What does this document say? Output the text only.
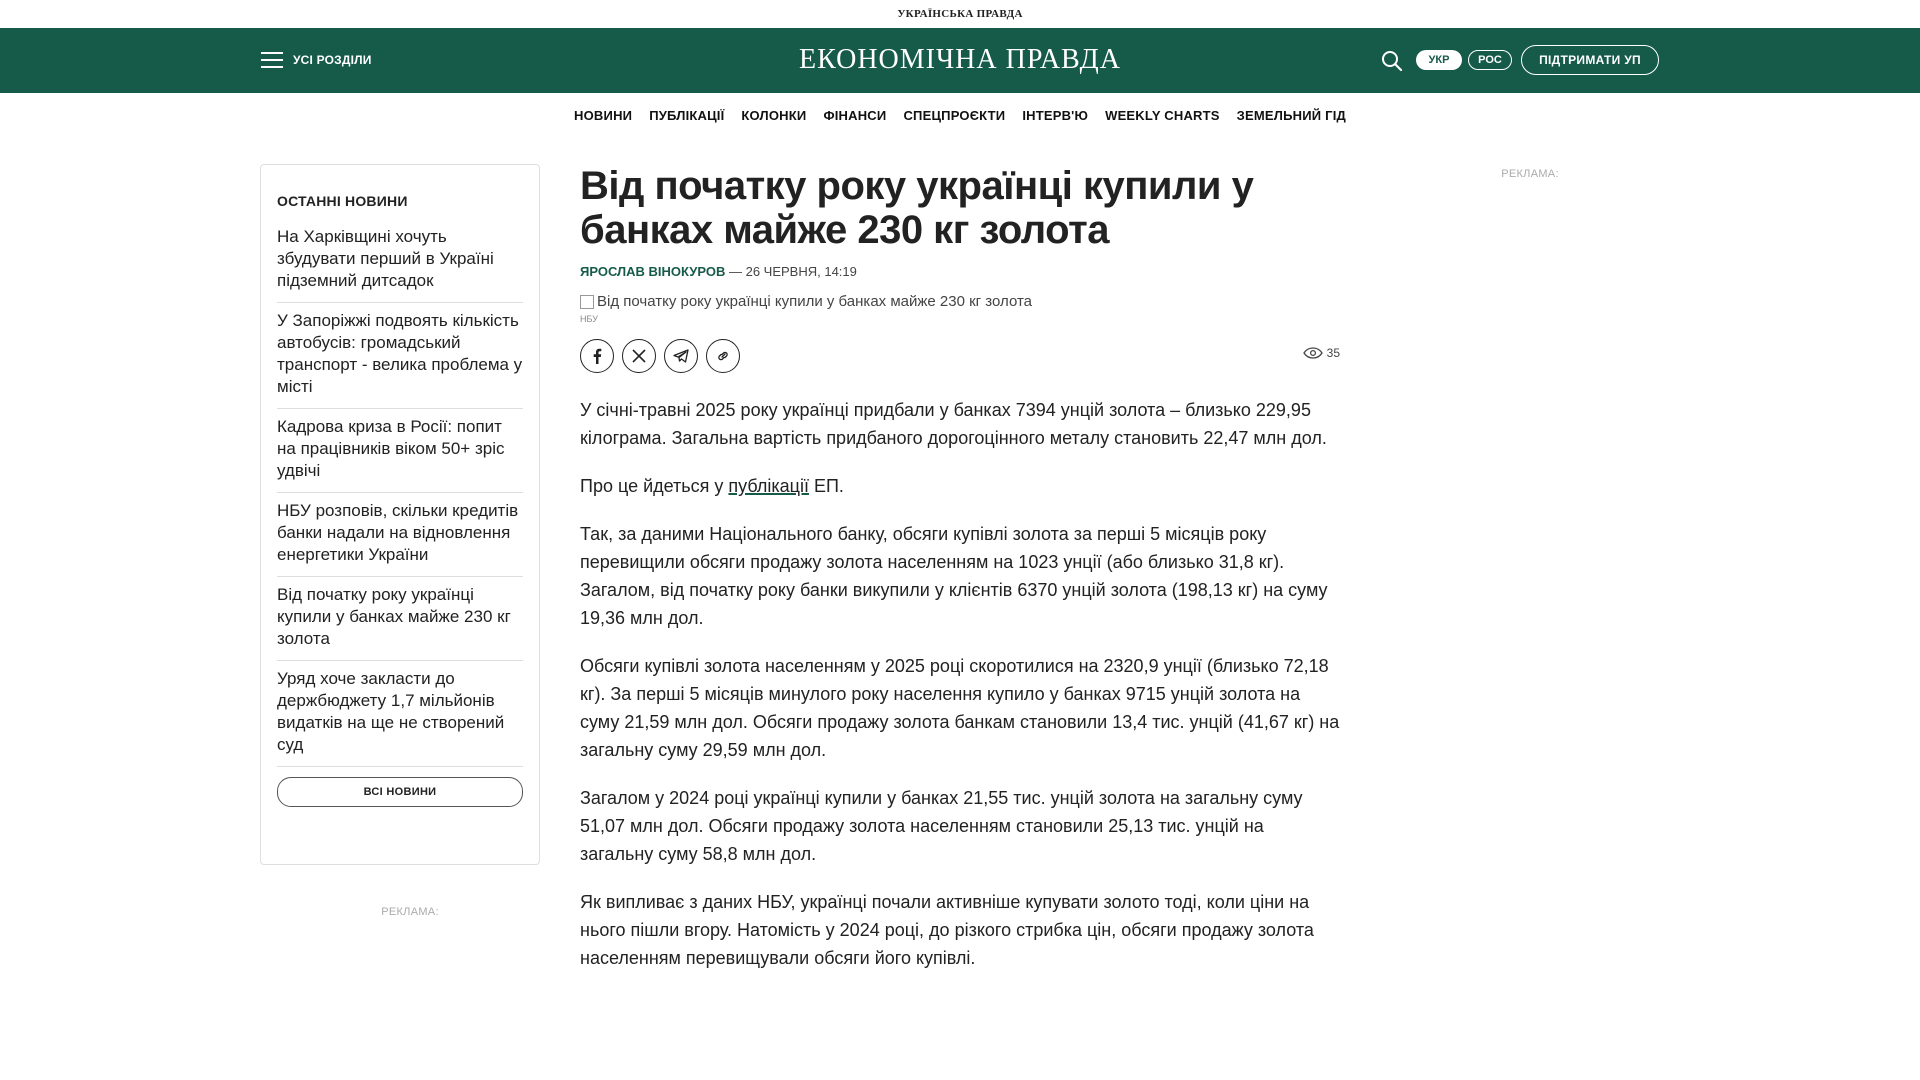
УКРАЇНСЬКА ПРАВДА
УСІ РОЗДІЛИ	ЕКОНОМІЧНА ПРАВДА	УКР	РОС	ПІДТРИМАТИ УП
НОВИНИ ПУБЛІКАЦІЇ КОЛОНКИ ФІНАНСИ СПЕЦПРОЄКТИ ІНТЕРВ'Ю WEEKLY CHARTS ЗЕМЕЛЬНИЙ ГІД
ОСТАННІ НОВИНИ
На Харківщині хочуть збудувати перший в Україні підземний дитсадок
У Запоріжжі подвоять кількість автобусів: громадський транспорт - велика проблема у місті
Кадрова криза в Росії: попит на працівників віком 50+ зріс удвічі
НБУ розповів, скільки кредитів банки надали на відновлення енергетики України
Від початку року українці купили у банках майже 230 кг золота
Уряд хоче закласти до держбюджету 1,7 мільйонів видатків на ще не створений суд
ВСІ НОВИНИ
РЕКЛАМА:
РЕКЛАМА:
Від початку року українці купили у банках майже 230 кг золота
ЯРОСЛАВ ВІНОКУРОВ — 26 ЧЕРВНЯ, 14:19
Від початку року українці купили у банках майже 230 кг золота
НБУ
35

У січні-травні 2025 року українці придбали у банках 7394 унцій золота – близько 229,95 кілограма. Загальна вартість придбаного дорогоцінного металу становить 22,47 млн дол.

Про це йдеться у публікації ЕП.

Так, за даними Національного банку, обсяги купівлі золота за перші 5 місяців року перевищили обсяги продажу золота населенням на 1023 унції (або близько 31,8 кг). Загалом, від початку року банки викупили у клієнтів 6370 унцій золота (198,13 кг) на суму 19,36 млн дол.

Обсяги купівлі золота населенням у 2025 році скоротилися на 2320,9 унції (близько 72,18 кг). За перші 5 місяців минулого року населення купило у банках 9715 унцій золота на суму 21,59 млн дол. Обсяги продажу золота банкам становили 13,4 тис. унцій (41,67 кг) на загальну суму 29,59 млн дол.

Загалом у 2024 році українці купили у банках 21,55 тис. унцій золота на загальну суму 51,07 млн дол. Обсяги продажу золота населенням становили 25,13 тис. унцій на загальну суму 58,8 млн дол.

Як випливає з даних НБУ, українці почали активніше купувати золото тоді, коли ціни на нього пішли вгору. Натомість у 2024 році, до різкого стрибка цін, обсяги продажу золота населенням перевищували обсяги його купівлі.
